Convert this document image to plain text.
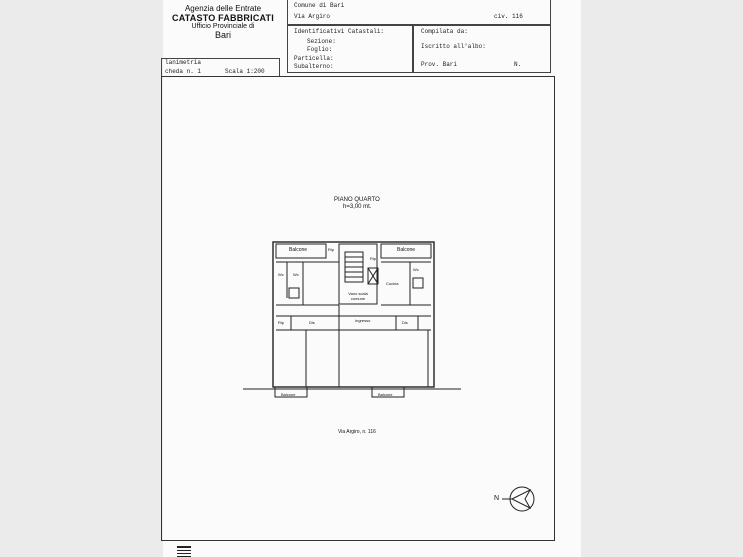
Agenzia delle Entrate
CATASTO FABBRICATI
Ufficio Provinciale di
Bari
Comune di Bari
Via Argiro	civ. 116
Identificativi Catastali:
Sezione:
Foglio:
Particella:
Subalterno:
Compilata da:
Iscritto all'albo:
Prov. Bari	N.
lanimetria
cheda n. 1	Scala 1:200
PIANO QUARTO
h=3,00 mt.
Balcone	Balcone
Rip
Rip
Wc Wc
Wc
Cucina
Vano scala comune
Ingresso
Rip	Dis	Dis
Balcone	Balcone
Via Argiro, n. 116
N
